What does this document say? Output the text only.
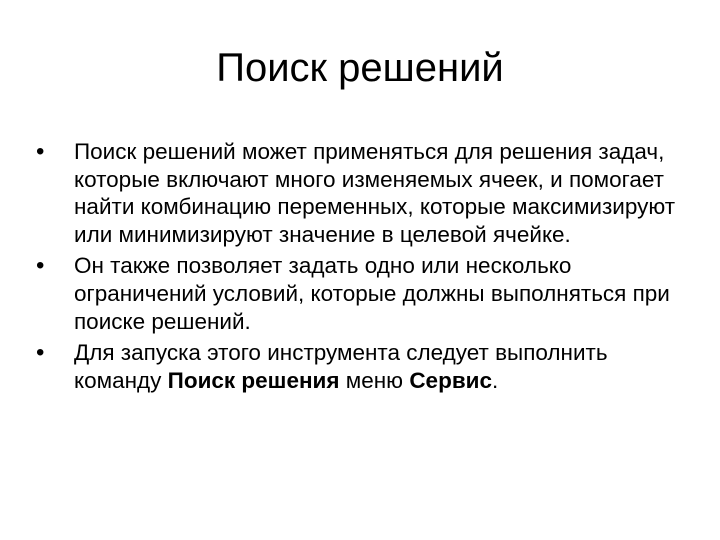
Поиск решений
•	Поиск решений может применяться для решения задач, которые включают много изменяемых ячеек, и помогает найти комбинацию переменных, которые максимизируют или минимизируют значение в целевой ячейке.
•	Он также позволяет задать одно или несколько ограничений условий, которые должны выполняться при поиске решений.
•	Для запуска этого инструмента следует выполнить команду Поиск решения меню Сервис.
